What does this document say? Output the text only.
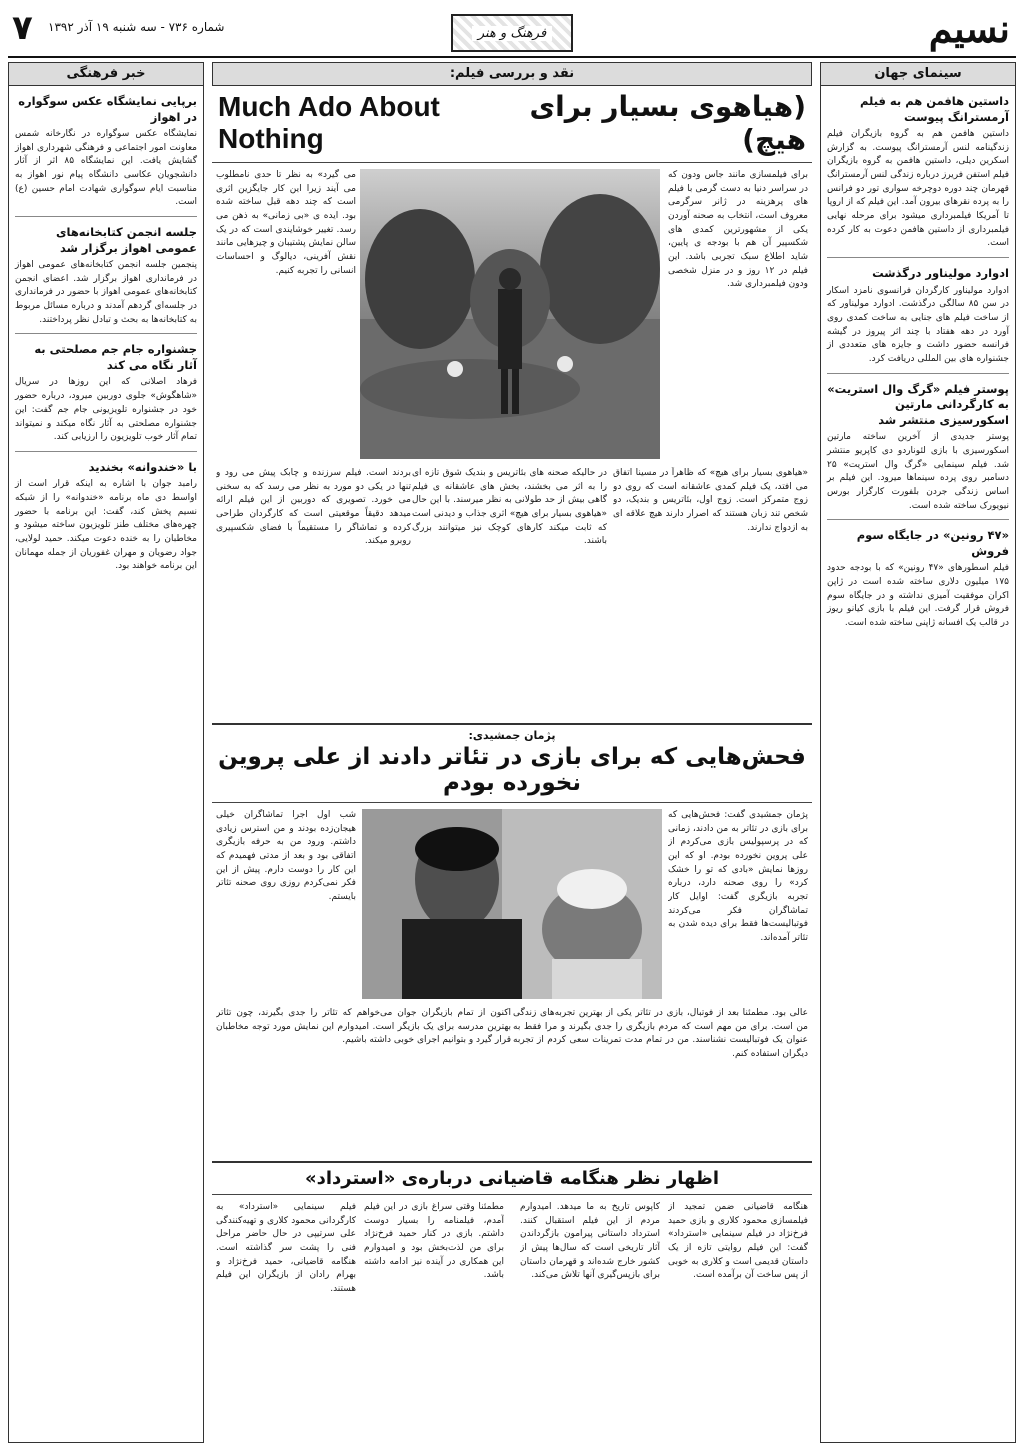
نسیم
فرهنگ و هنر
شماره ۷۳۶ - سه شنبه ۱۹ آذر ۱۳۹۲
۷
سینمای جهان
داستین هافمن هم به فیلم آرمسترانگ پیوست

داستین هافمن هم به گروه بازیگران فیلم زندگینامه لنس آرمسترانگ پیوست. به گزارش اسکرین دیلی، داستین هافمن به گروه بازیگران فیلم استفن فریرز درباره زندگی لنس آرمسترانگ قهرمان چند دوره دوچرخه سواری تور دو فرانس را به پرده نقرهای بیرون آمد. این فیلم که از اروپا تا آمریکا فیلمبرداری میشود برای مرحله نهایی فیلمبرداری از داستین هافمن دعوت به کار کرده است.

ادوارد مولیناور درگذشت

ادوارد مولیناور کارگردان فرانسوی نامزد اسکار در سن ۸۵ سالگی درگذشت. ادوارد مولیناور که از ساخت فیلم های جنایی به ساخت کمدی روی آورد در دهه هفتاد با چند اثر پیروز در گیشه فرانسه حضور داشت و جایزه های متعددی از جشنواره های بین المللی دریافت کرد.

پوستر فیلم «گرگ وال استریت» به کارگردانی مارتین اسکورسیزی منتشر شد

پوستر جدیدی از آخرین ساخته مارتین اسکورسیزی با بازی لئوناردو دی کاپریو منتشر شد. فیلم سینمایی «گرگ وال استریت» ۲۵ دسامبر روی پرده سینماها میرود. این فیلم بر اساس زندگی جردن بلفورت کارگزار بورس نیویورک ساخته شده است.

«۴۷ رونین» در جایگاه سوم فروش

فیلم اسطورهای «۴۷ رونین» که با بودجه حدود ۱۷۵ میلیون دلاری ساخته شده است در ژاپن اکران موفقیت آمیزی نداشته و در جایگاه سوم فروش قرار گرفت. این فیلم با بازی کیانو ریوز در قالب یک افسانه ژاپنی ساخته شده است.

خبر فرهنگی
برپایی نمایشگاه عکس سوگواره در اهواز

نمایشگاه عکس سوگواره در نگارخانه شمس معاونت امور اجتماعی و فرهنگی شهرداری اهواز گشایش یافت. این نمایشگاه ۸۵ اثر از آثار دانشجویان عکاسی دانشگاه پیام نور اهواز به مناسبت ایام سوگواری شهادت امام حسین (ع) است.

جلسه انجمن کتابخانه‌های عمومی اهواز برگزار شد

پنجمین جلسه انجمن کتابخانه‌های عمومی اهواز در فرمانداری اهواز برگزار شد. اعضای انجمن کتابخانه‌های عمومی اهواز با حضور در فرمانداری در جلسه‌ای گردهم آمدند و درباره مسائل مربوط به کتابخانه‌ها به بحث و تبادل نظر پرداختند.

جشنواره جام جم مصلحتی به آثار نگاه می کند

فرهاد اصلانی که این روزها در سریال «شاهگوش» جلوی دوربین میرود، درباره حضور خود در جشنواره تلویزیونی جام جم گفت: این جشنواره مصلحتی به آثار نگاه میکند و نمیتواند تمام آثار خوب تلویزیون را ارزیابی کند.

با «خندوانه» بخندید

رامبد جوان با اشاره به اینکه قرار است از اواسط دی ماه برنامه «خندوانه» را از شبکه نسیم پخش کند، گفت: این برنامه با حضور چهره‌های مختلف طنز تلویزیون ساخته میشود و مخاطبان را به خنده دعوت میکند. حمید لولایی، جواد رضویان و مهران غفوریان از جمله مهمانان این برنامه خواهند بود.

نقد و بررسی فیلم:
(هیاهوی بسیار برای هیچ)
Much Ado About Nothing

برای فیلمسازی مانند جاس ودون که در سراسر دنیا به دست گرمی با فیلم های پرهزینه در ژانر سرگرمی معروف است، انتخاب به صحنه آوردن یکی از مشهورترین کمدی های شکسپیر آن هم با بودجه ی پایین، شاید اطلاع سبک تجربی باشد. این فیلم در ۱۲ روز و در منزل شخصی ودون فیلمبرداری شد.

می گیرد» به نظر تا حدی نامطلوب می آیند زیرا این کار جایگزین اثری است که چند دهه قبل ساخته شده بود. ایده ی «بی زمانی» به ذهن می رسد. تغییر خوشایندی است که در یک سالن نمایش پشتیبان و چیزهایی مانند نقش آفرینی، دیالوگ و احساسات انسانی را تجربه کنیم.

«هیاهوی بسیار برای هیچ» که ظاهراً در مسینا اتفاق می افتد، یک فیلم کمدی عاشقانه است که روی دو زوج متمرکز است. زوج اول، بئاتریس و بندیک، دو شخص تند زبان هستند که اصرار دارند هیچ علاقه ای به ازدواج ندارند.

در حالیکه صحنه های بئاتریس و بندیک شوق تازه ای را به اثر می بخشند، بخش های عاشقانه ی فیلم گاهی بیش از حد طولانی به نظر میرسند. با این حال «هیاهوی بسیار برای هیچ» اثری جذاب و دیدنی است که ثابت میکند کارهای کوچک نیز میتوانند بزرگ باشند.

بردند است. فیلم سرزنده و چابک پیش می رود و تنها در یکی دو مورد به نظر می رسد که به سخنی می خورد. تصویری که دوربین از این فیلم ارائه میدهد دقیقاً موقعیتی است که کارگردان طراحی کرده و تماشاگر را مستقیماً با فضای شکسپیری روبرو میکند.

پژمان جمشیدی:
فحش‌هایی که برای بازی در تئاتر دادند از علی پروین نخورده بودم

پژمان جمشیدی گفت: فحش‌هایی که برای بازی در تئاتر به من دادند، زمانی که در پرسپولیس بازی می‌کردم از علی پروین نخورده بودم. او که این روزها نمایش «بادی که تو را خشک کرد» را روی صحنه دارد، درباره تجربه بازیگری گفت: اوایل کار تماشاگران فکر می‌کردند فوتبالیست‌ها فقط برای دیده شدن به تئاتر آمده‌اند.

شب اول اجرا تماشاگران خیلی هیجان‌زده بودند و من استرس زیادی داشتم. ورود من به حرفه بازیگری اتفاقی بود و بعد از مدتی فهمیدم که این کار را دوست دارم. پیش از این فکر نمی‌کردم روزی روی صحنه تئاتر بایستم.

عالی بود. مطمئنا بعد از فوتبال، بازی در تئاتر یکی از بهترین تجربه‌های زندگی من است. برای من مهم است که مردم بازیگری را جدی بگیرند و مرا فقط به عنوان یک فوتبالیست نشناسند. من در تمام مدت تمرینات سعی کردم از تجربه دیگران استفاده کنم.

اکنون از تمام بازیگران جوان می‌خواهم که تئاتر را جدی بگیرند، چون تئاتر بهترین مدرسه برای یک بازیگر است. امیدوارم این نمایش مورد توجه مخاطبان قرار گیرد و بتوانیم اجرای خوبی داشته باشیم.

اظهار نظر هنگامه قاضیانی درباره‌ی «استرداد»

هنگامه قاضیانی ضمن تمجید از فیلمسازی محمود کلاری و بازی حمید فرخ‌نژاد در فیلم سینمایی «استرداد» گفت: این فیلم روایتی تازه از یک داستان قدیمی است و کلاری به خوبی از پس ساخت آن برآمده است.

کاپوس تاریخ به ما میدهد. امیدوارم مردم از این فیلم استقبال کنند. استرداد داستانی پیرامون بازگرداندن آثار تاریخی است که سال‌ها پیش از کشور خارج شده‌اند و قهرمان داستان برای بازپس‌گیری آنها تلاش می‌کند.

مطمئنا وقتی سراغ بازی در این فیلم آمدم، فیلمنامه را بسیار دوست داشتم. بازی در کنار حمید فرخ‌نژاد برای من لذت‌بخش بود و امیدوارم این همکاری در آینده نیز ادامه داشته باشد.

فیلم سینمایی «استرداد» به کارگردانی محمود کلاری و تهیه‌کنندگی علی سرتیپی در حال حاضر مراحل فنی را پشت سر گذاشته است. هنگامه قاضیانی، حمید فرخ‌نژاد و بهرام رادان از بازیگران این فیلم هستند.
